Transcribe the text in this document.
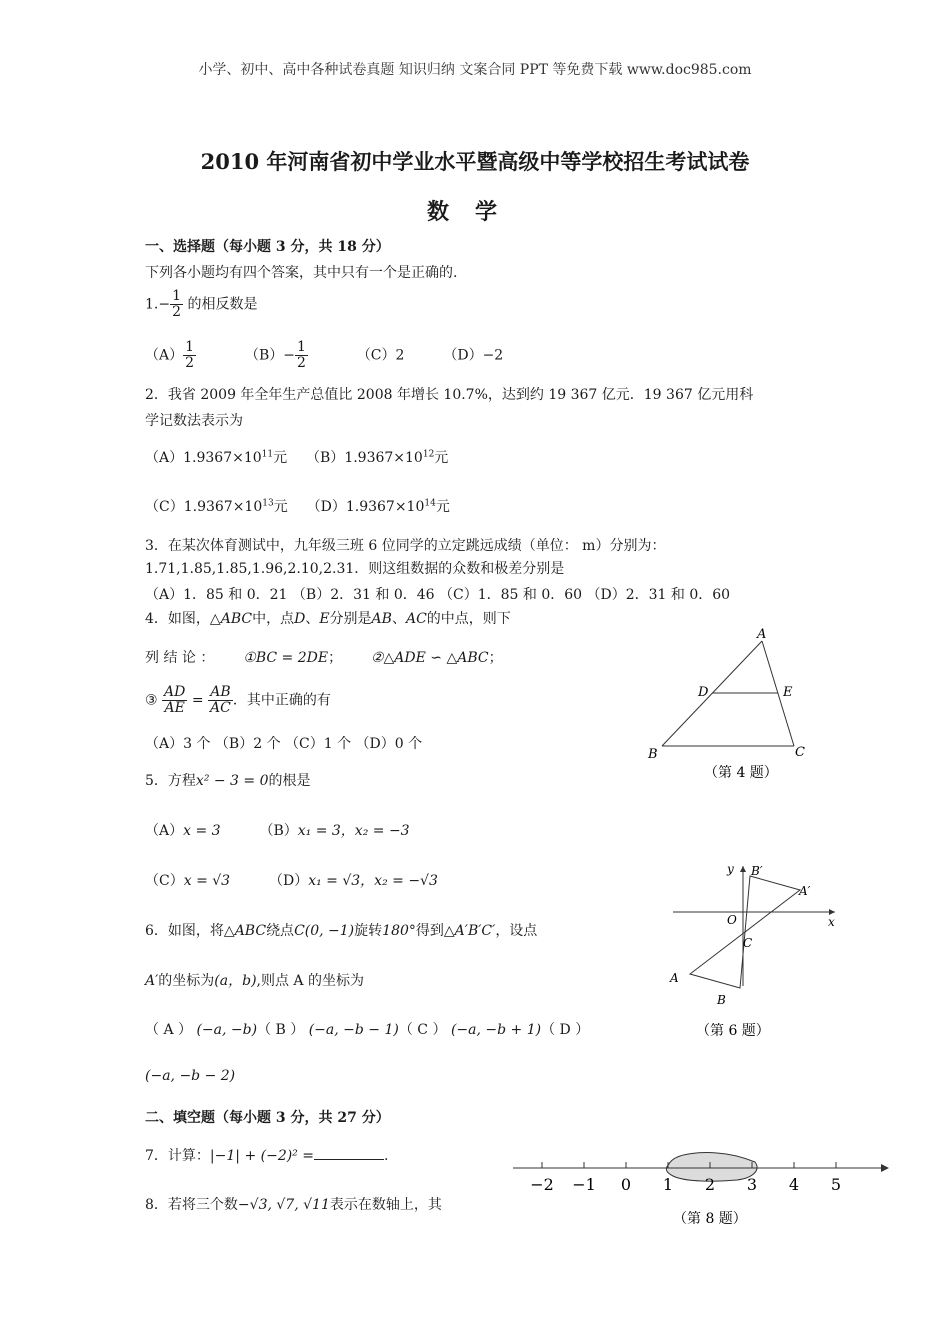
小学、初中、高中各种试卷真题 知识归纳 文案合同 PPT 等免费下载 www.doc985.com
2010 年河南省初中学业水平暨高级中等学校招生考试试卷
数学
一、选择题（每小题 3 分，共 18 分）
下列各小题均有四个答案，其中只有一个是正确的.
$1.- \frac{1}{2}$ 的相反数是
$(A) \frac{1}{2}$	$(B)- \frac{1}{2}$	（C）2	（D）−2
2．我省 2009 年全年生产总值比 2008 年增长 10.7%，达到约 19 367 亿元．19 367 亿元用科
学记数法表示为
$(A)1.9367\times 10^{11}$元 $(B)1.9367\times 10^{12}$元
$(C)1.9367\times 10^{13}$元 $(D)1.9367\times 10^{14}$元
3．在某次体育测试中，九年级三班 6 位同学的立定跳远成绩（单位： m）分别为：
1.71,1.85,1.85,1.96,2.10,2.31．则这组数据的众数和极差分别是
（A）1．85 和 0．21 （B）2．31 和 0．46 （C）1．85 和 0．60 （D）2．31 和 0．60
4．如图，△ABC中，点D、E分别是AB、AC的中点，则下
列 结 论 ： ①BC = 2DE； ②△ADE ∽ △ABC；
③ $\frac{AD}{AE} = \frac{AB}{AC}$ ．其中正确的有
（A）3 个 （B）2 个 （C）1 个 （D）0 个
A
D	E
B	C
（第 4 题）
5．方程x² − 3 = 0的根是
（A）x = 3	（B）x₁ = 3，x₂ = −3
（C）x = √3	（D）x₁ = √3，x₂ = −√3
6．如图，将△ABC绕点C(0, −1)旋转180°得到△A′B′C′，设点
A′的坐标为(a，b),则点 A 的坐标为
（ A ） (−a, −b)（ B ） (−a, −b − 1)（ C ） (−a, −b + 1)（ D ）
(−a, −b − 2)
y
x
O
C
B′
A′
A
B
（第 6 题）
二、填空题（每小题 3 分，共 27 分）
7．计算：|−1| + (−2)² =	.
8．若将三个数−√3, √7, √11表示在数轴上，其
−2 −1 0 1 2 3 4 5
（第 8 题）
